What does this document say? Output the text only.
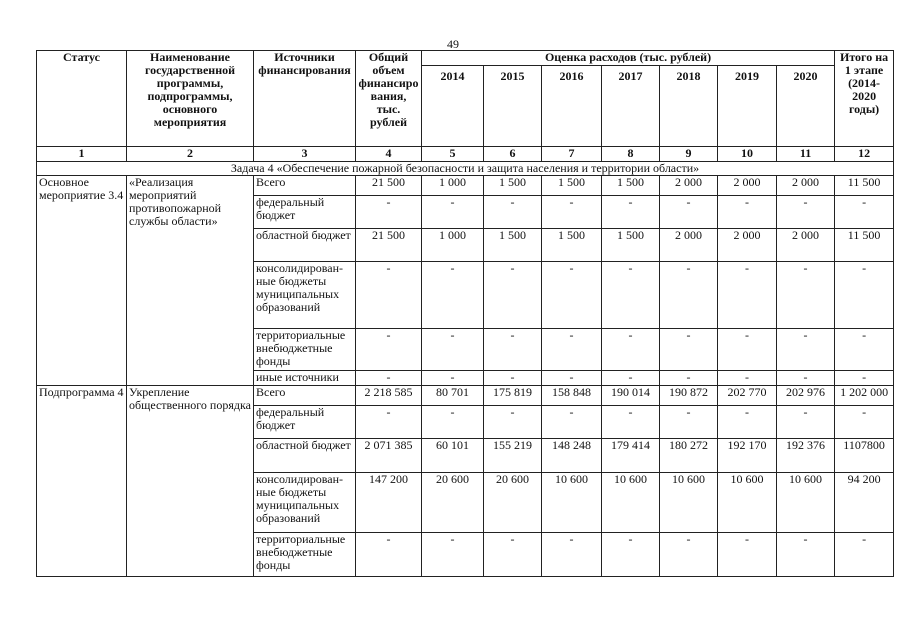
49
Статус	Наименование государственной программы, подпрограммы, основного мероприятия	Источники финансирования	Общий объем финансиро вания, тыс. рублей	Оценка расходов (тыс. рублей)							Итого на 1 этапе (2014-2020 годы)
				2014	2015	2016	2017	2018	2019	2020	
1	2	3	4	5	6	7	8	9	10	11	12
Задача 4 «Обеспечение пожарной безопасности и защита населения и территории области»											
Основное мероприятие 3.4	«Реализация мероприятий противопожарной службы области»	Всего	21 500	1 000	1 500	1 500	1 500	2 000	2 000	2 000	11 500
		федеральный бюджет	-	-	-	-	-	-	-	-	-
		областной бюджет	21 500	1 000	1 500	1 500	1 500	2 000	2 000	2 000	11 500
		консолидирован-ные бюджеты муниципальных образований	-	-	-	-	-	-	-	-	-
		территориальные внебюджетные фонды	-	-	-	-	-	-	-	-	-
		иные источники	-	-	-	-	-	-	-	-	-
Подпрограмма 4	Укрепление общественного порядка	Всего	2 218 585	80 701	175 819	158 848	190 014	190 872	202 770	202 976	1 202 000
		федеральный бюджет	-	-	-	-	-	-	-	-	-
		областной бюджет	2 071 385	60 101	155 219	148 248	179 414	180 272	192 170	192 376	1107800
		консолидирован-ные бюджеты муниципальных образований	147 200	20 600	20 600	10 600	10 600	10 600	10 600	10 600	94 200
		территориальные внебюджетные фонды	-	-	-	-	-	-	-	-	-
